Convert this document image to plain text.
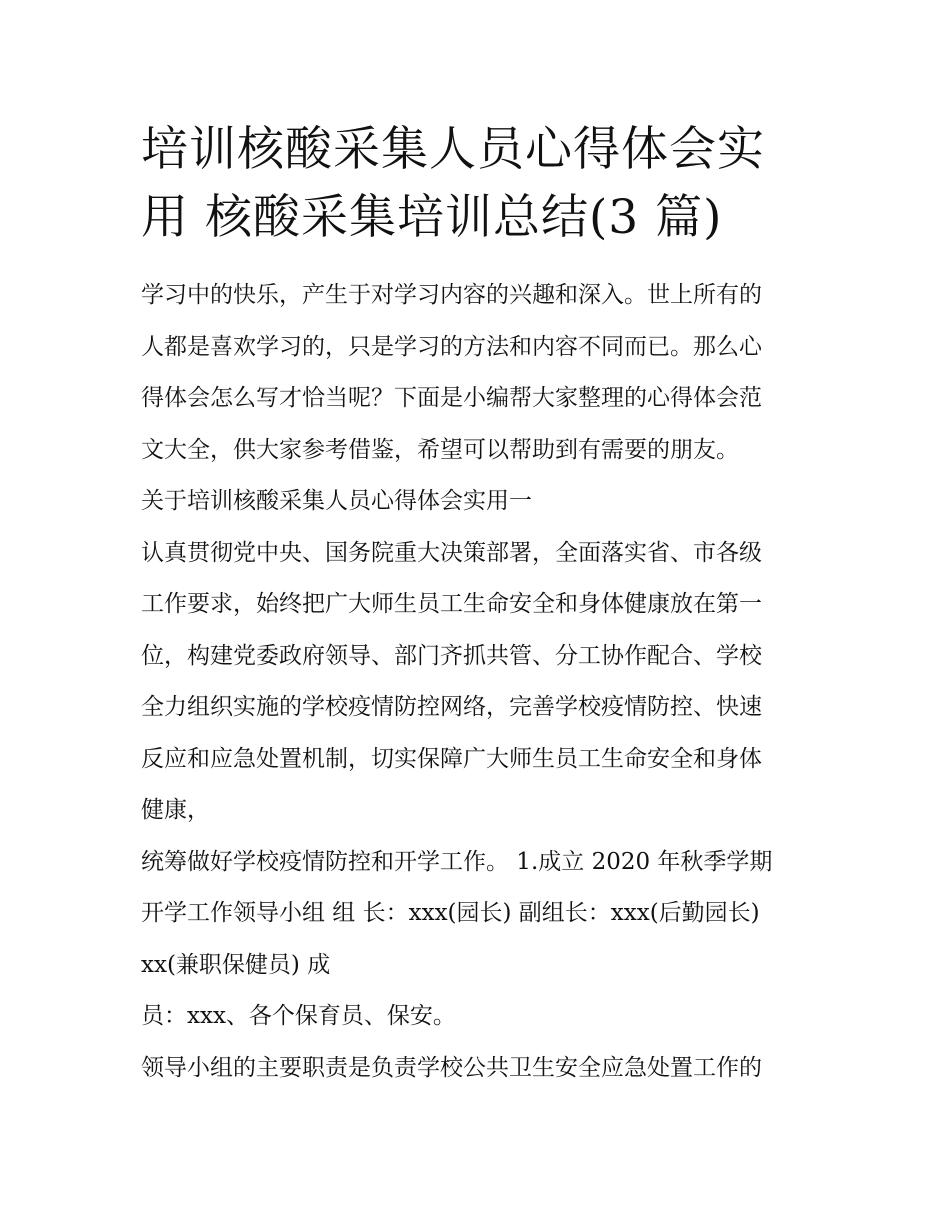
培训核酸采集人员心得体会实
用 核酸采集培训总结(3 篇)

学习中的快乐，产生于对学习内容的兴趣和深入。世上所有的
人都是喜欢学习的，只是学习的方法和内容不同而已。那么心
得体会怎么写才恰当呢？下面是小编帮大家整理的心得体会范
文大全，供大家参考借鉴，希望可以帮助到有需要的朋友。

关于培训核酸采集人员心得体会实用一

认真贯彻党中央、国务院重大决策部署，全面落实省、市各级
工作要求，始终把广大师生员工生命安全和身体健康放在第一
位，构建党委政府领导、部门齐抓共管、分工协作配合、学校
全力组织实施的学校疫情防控网络，完善学校疫情防控、快速
反应和应急处置机制，切实保障广大师生员工生命安全和身体
健康，

统筹做好学校疫情防控和开学工作。 1.成立 2020 年秋季学期
开学工作领导小组 组 长：xxx(园长) 副组长：xxx(后勤园长)
xx(兼职保健员) 成

员：xxx、各个保育员、保安。

领导小组的主要职责是负责学校公共卫生安全应急处置工作的
